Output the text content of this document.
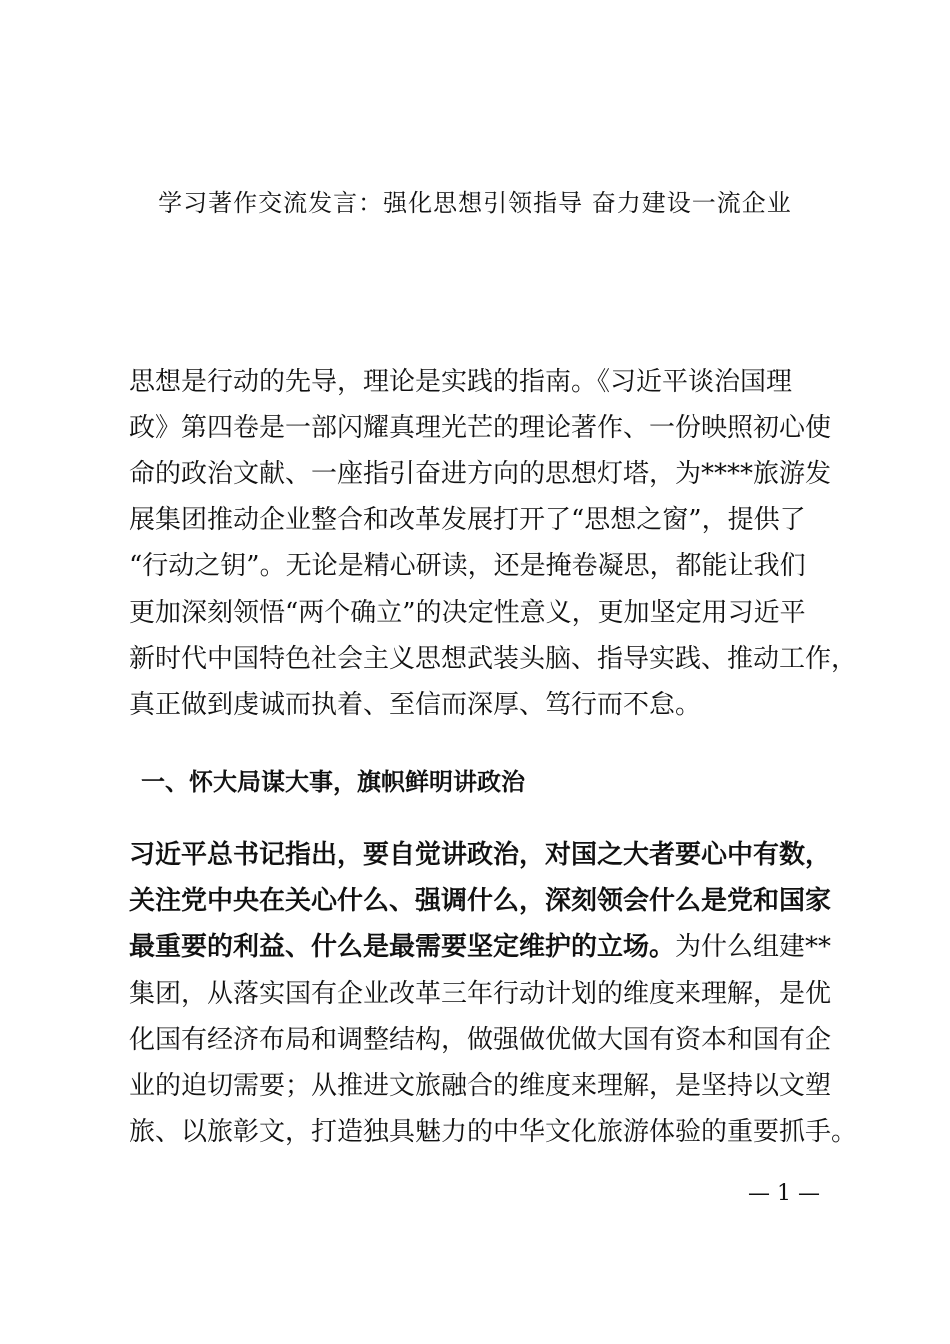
学习著作交流发言：强化思想引领指导 奋力建设一流企业

思想是行动的先导，理论是实践的指南。《习近平谈治国理

政》第四卷是一部闪耀真理光芒的理论著作、一份映照初心使

命的政治文献、一座指引奋进方向的思想灯塔，为****旅游发

展集团推动企业整合和改革发展打开了“思想之窗”，提供了

“行动之钥”。无论是精心研读，还是掩卷凝思，都能让我们

更加深刻领悟“两个确立”的决定性意义，更加坚定用习近平

新时代中国特色社会主义思想武装头脑、指导实践、推动工作，

真正做到虔诚而执着、至信而深厚、笃行而不怠。

一、怀大局谋大事，旗帜鲜明讲政治

习近平总书记指出，要自觉讲政治，对国之大者要心中有数，

关注党中央在关心什么、强调什么，深刻领会什么是党和国家

最重要的利益、什么是最需要坚定维护的立场。为什么组建**

集团，从落实国有企业改革三年行动计划的维度来理解，是优

化国有经济布局和调整结构，做强做优做大国有资本和国有企

业的迫切需要；从推进文旅融合的维度来理解，是坚持以文塑

旅、以旅彰文，打造独具魅力的中华文化旅游体验的重要抓手。

— 1 —
